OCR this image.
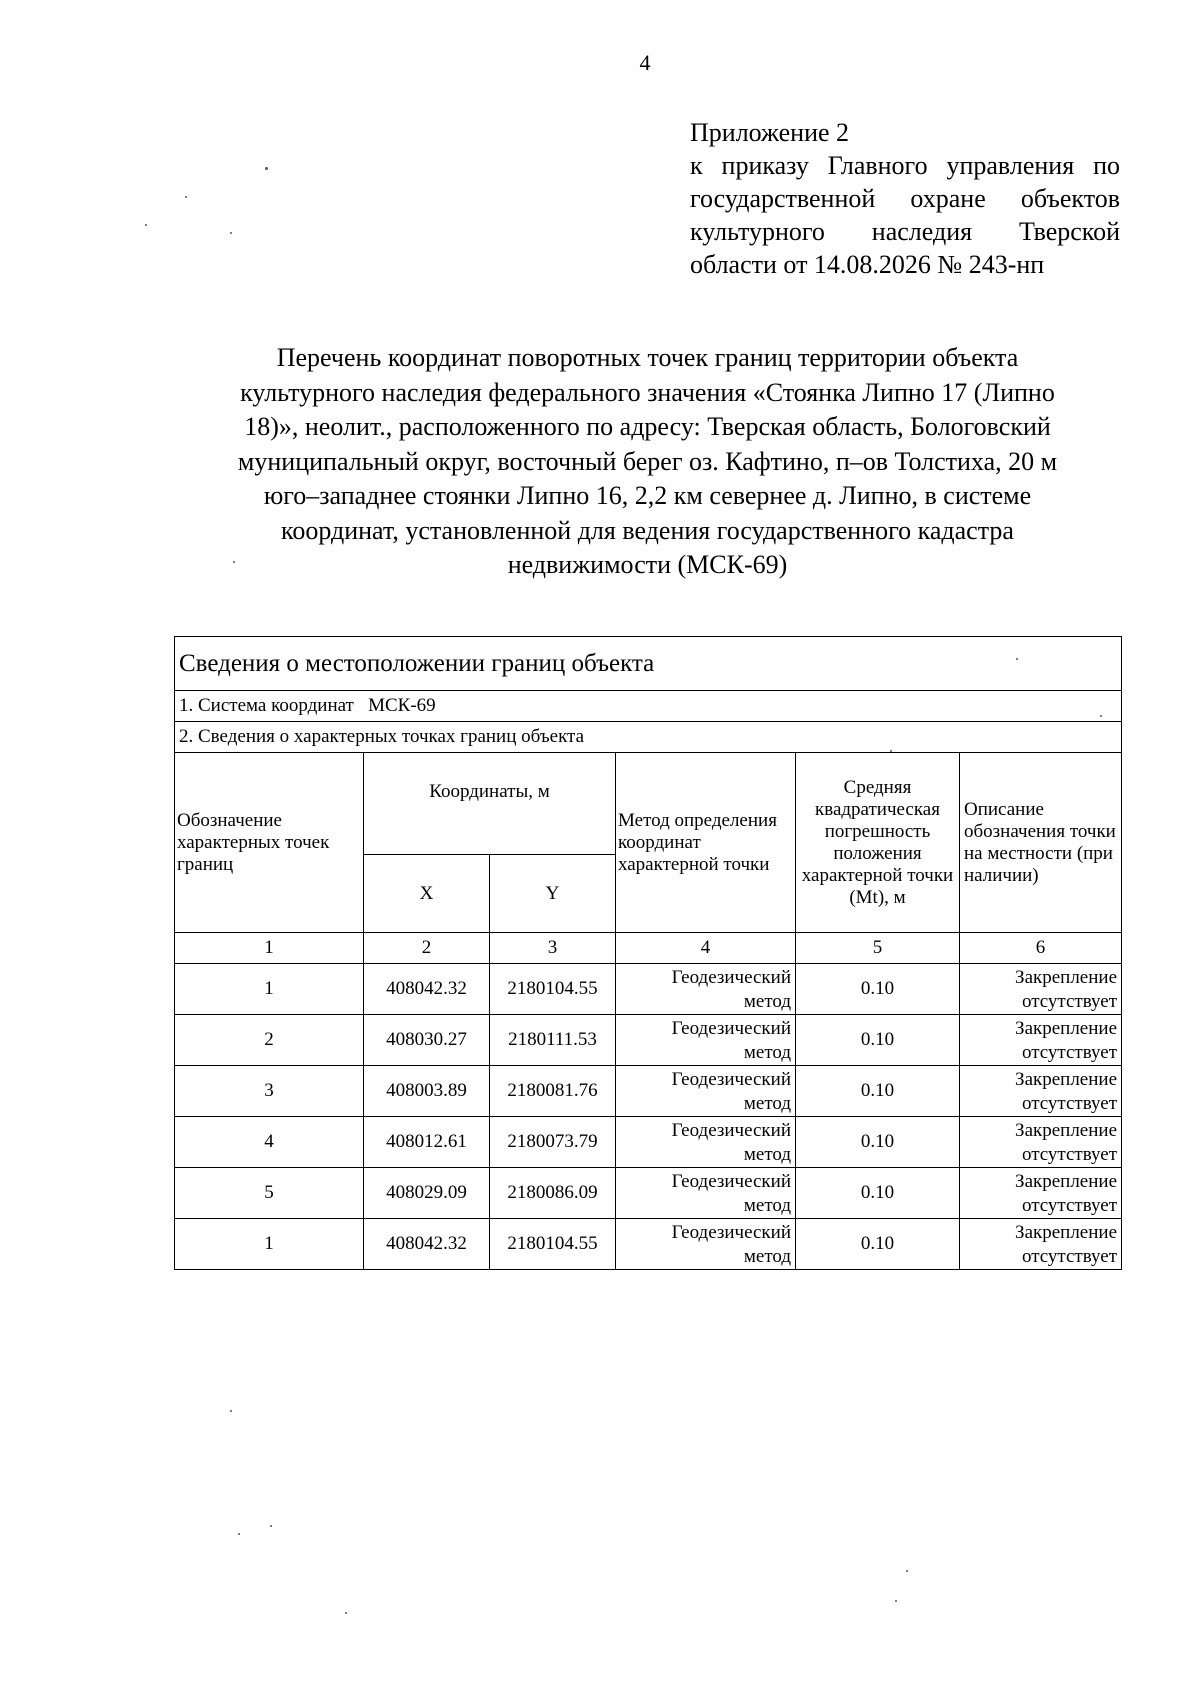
4
Приложение 2
к приказу Главного управления по
государственной охране объектов
культурного наследия Тверской
области от 14.08.2026 № 243-нп
Перечень координат поворотных точек границ территории объекта
культурного наследия федерального значения «Стоянка Липно 17 (Липно
18)», неолит., расположенного по адресу: Тверская область, Бологовский
муниципальный округ, восточный берег оз. Кафтино, п–ов Толстиха, 20 м
юго–западнее стоянки Липно 16, 2,2 км севернее д. Липно, в системе
координат, установленной для ведения государственного кадастра
недвижимости (МСК-69)
Сведения о местоположении границ объекта					
1. Система координат МСК-69					
2. Сведения о характерных точках границ объекта					
Обозначение характерных точек границ	Координаты, м		Метод определения координат характерной точки	Средняя квадратическая погрешность положения характерной точки (Mt), м	Описание обозначения точки на местности (при наличии)
	X	Y			
1	2	3	4	5	6
1	408042.32	2180104.55	Геодезический метод	0.10	Закрепление отсутствует
2	408030.27	2180111.53	Геодезический метод	0.10	Закрепление отсутствует
3	408003.89	2180081.76	Геодезический метод	0.10	Закрепление отсутствует
4	408012.61	2180073.79	Геодезический метод	0.10	Закрепление отсутствует
5	408029.09	2180086.09	Геодезический метод	0.10	Закрепление отсутствует
1	408042.32	2180104.55	Геодезический метод	0.10	Закрепление отсутствует
